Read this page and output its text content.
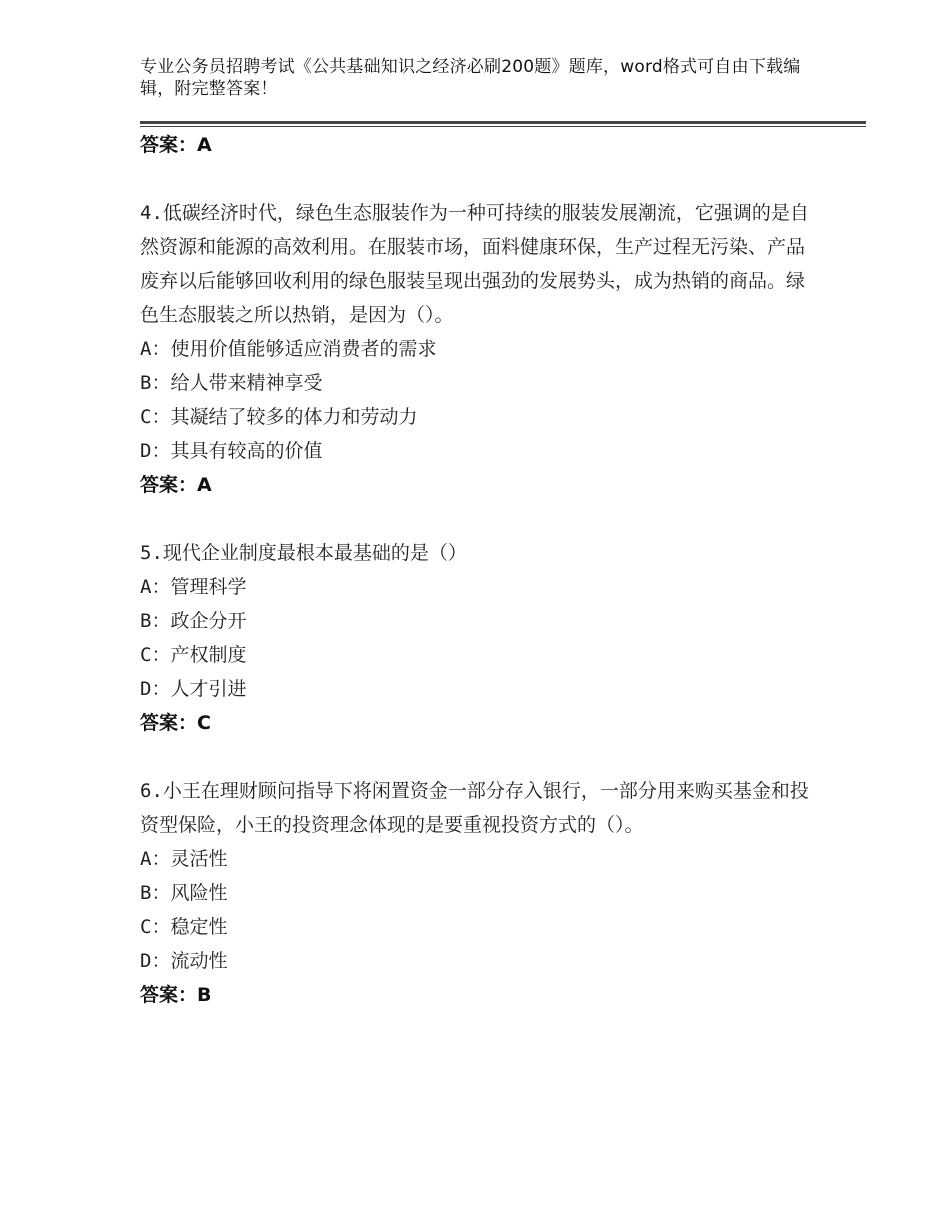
专业公务员招聘考试《公共基础知识之经济必刷200题》题库，word格式可自由下载编辑，附完整答案！
答案：A
4.低碳经济时代，绿色生态服装作为一种可持续的服装发展潮流，它强调的是自然资源和能源的高效利用。在服装市场，面料健康环保，生产过程无污染、产品废弃以后能够回收利用的绿色服装呈现出强劲的发展势头，成为热销的商品。绿色生态服装之所以热销，是因为（）。
A：使用价值能够适应消费者的需求
B：给人带来精神享受
C：其凝结了较多的体力和劳动力
D：其具有较高的价值
答案：A
5.现代企业制度最根本最基础的是（）
A：管理科学
B：政企分开
C：产权制度
D：人才引进
答案：C
6.小王在理财顾问指导下将闲置资金一部分存入银行，一部分用来购买基金和投资型保险，小王的投资理念体现的是要重视投资方式的（）。
A：灵活性
B：风险性
C：稳定性
D：流动性
答案：B
